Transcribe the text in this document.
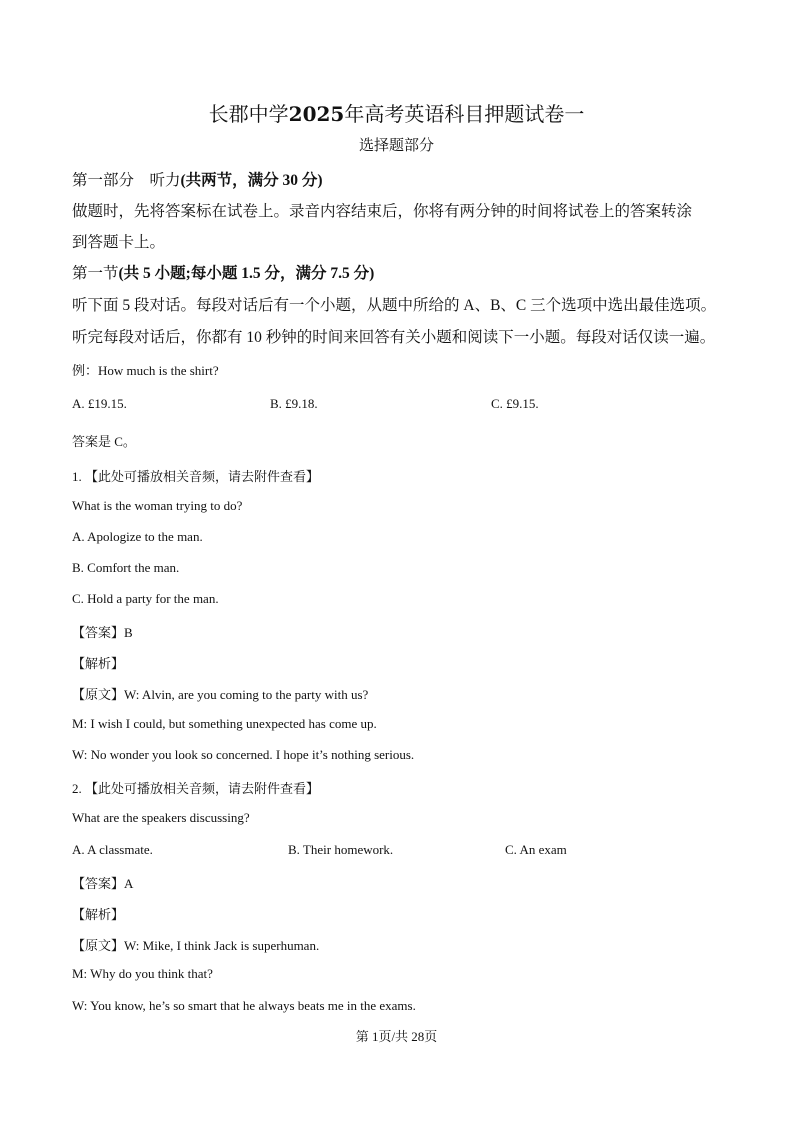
长郡中学2025年高考英语科目押题试卷一
选择题部分
第一部分　听力(共两节，满分 30 分)
做题时，先将答案标在试卷上。录音内容结束后，你将有两分钟的时间将试卷上的答案转涂
到答题卡上。
第一节(共 5 小题;每小题 1.5 分，满分 7.5 分)
听下面 5 段对话。每段对话后有一个小题，从题中所给的 A、B、C 三个选项中选出最佳选项。
听完每段对话后，你都有 10 秒钟的时间来回答有关小题和阅读下一小题。每段对话仅读一遍。
例：How much is the shirt?
A. £19.15.	B. £9.18.	C. £9.15.
答案是 C。
1. 【此处可播放相关音频，请去附件查看】
What is the woman trying to do?
A. Apologize to the man.
B. Comfort the man.
C. Hold a party for the man.
【答案】B
【解析】
【原文】W: Alvin, are you coming to the party with us?
M: I wish I could, but something unexpected has come up.
W: No wonder you look so concerned. I hope it’s nothing serious.
2. 【此处可播放相关音频，请去附件查看】
What are the speakers discussing?
A. A classmate.	B. Their homework.	C. An exam
【答案】A
【解析】
【原文】W: Mike, I think Jack is superhuman.
M: Why do you think that?
W: You know, he’s so smart that he always beats me in the exams.
第 1页/共 28页
